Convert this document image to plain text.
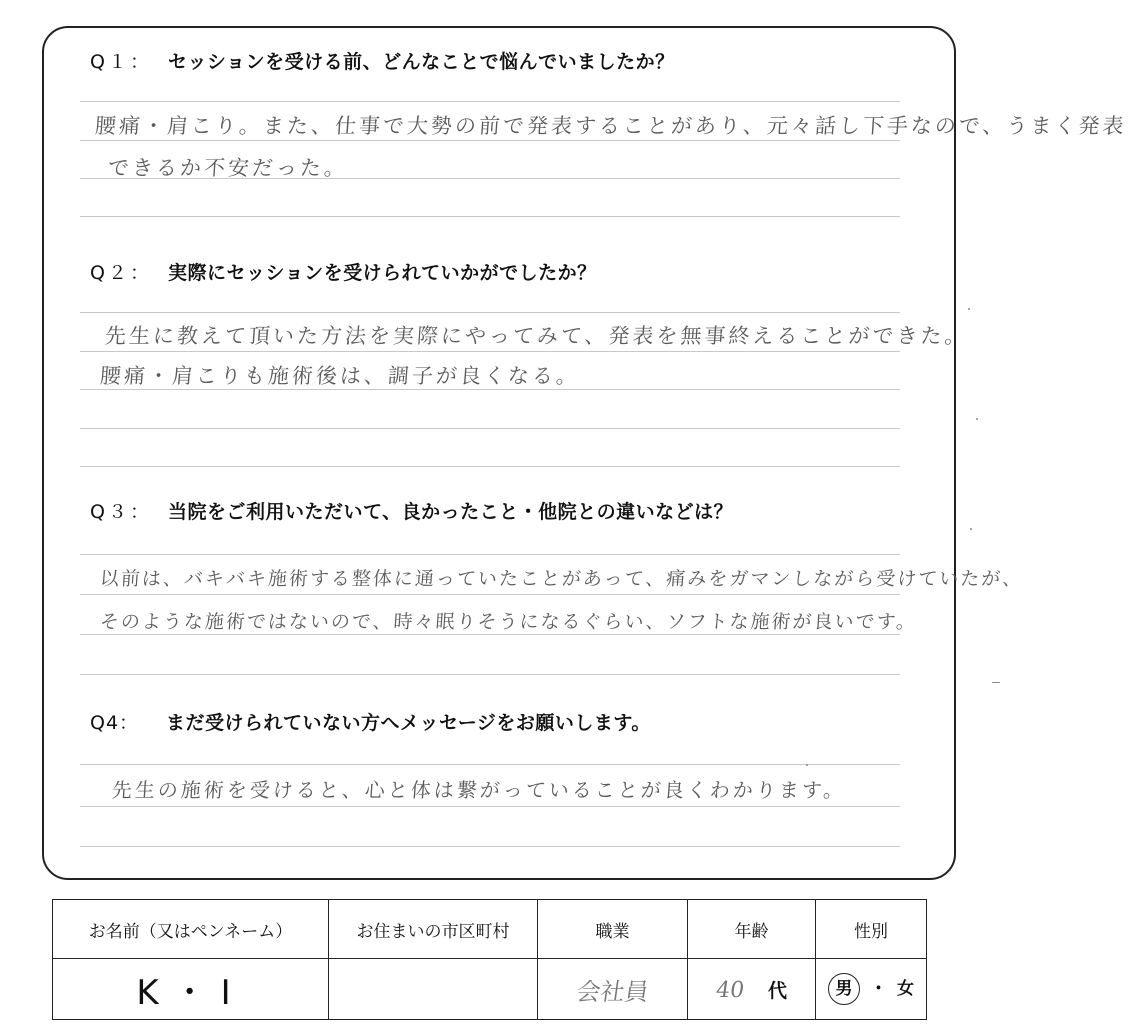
Q１： セッションを受ける前、どんなことで悩んでいましたか？
腰痛・肩こり。また、仕事で大勢の前で発表することがあり、元々話し下手なので、うまく発表
できるか不安だった。
Q２： 実際にセッションを受けられていかがでしたか？
先生に教えて頂いた方法を実際にやってみて、発表を無事終えることができた。
腰痛・肩こりも施術後は、調子が良くなる。
Q３： 当院をご利用いただいて、良かったこと・他院との違いなどは？
以前は、バキバキ施術する整体に通っていたことがあって、痛みをガマンしながら受けていたが、
そのような施術ではないので、時々眠りそうになるぐらい、ソフトな施術が良いです。
Q4： まだ受けられていない方へメッセージをお願いします。
先生の施術を受けると、心と体は繋がっていることが良くわかります。
お名前（又はペンネーム）	お住まいの市区町村	職業	年齢	性別
K・I		会社員	40 代	男 ・ 女
